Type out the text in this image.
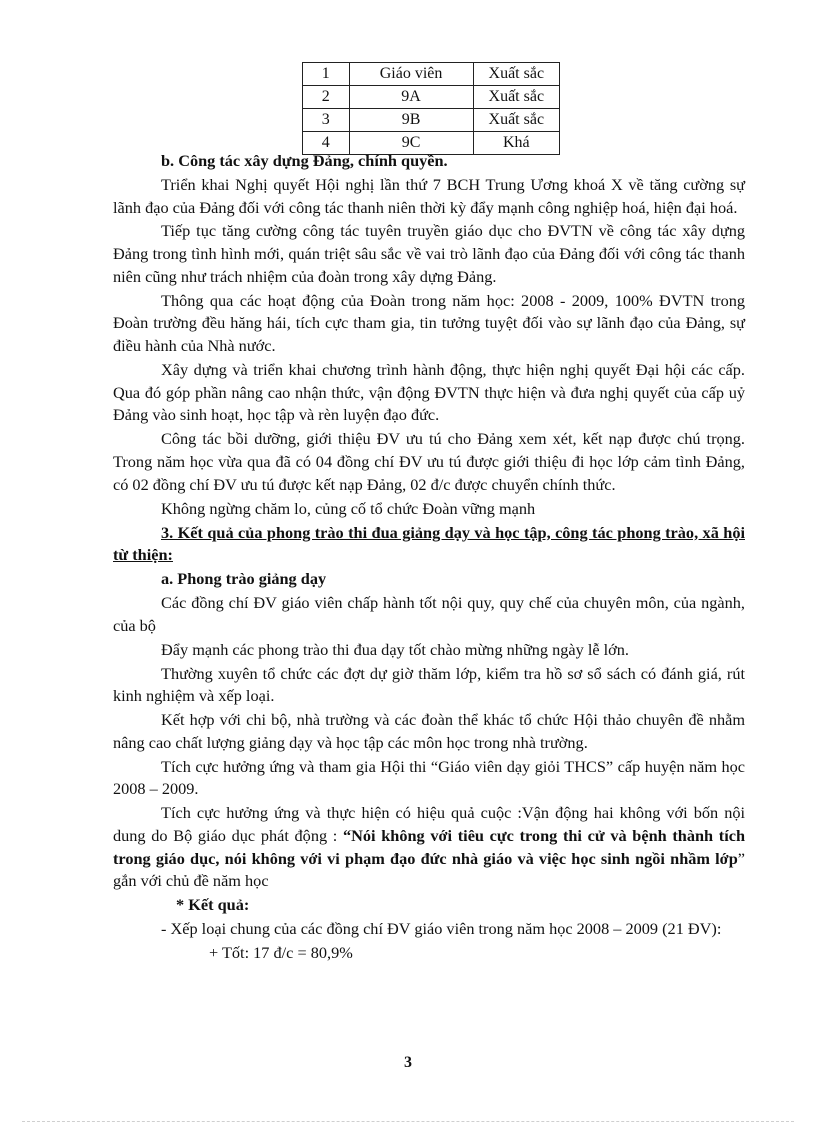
1	Giáo viên	Xuất sắc
2	9A	Xuất sắc
3	9B	Xuất sắc
4	9C	Khá

b. Công tác xây dựng Đảng, chính quyền.

Triển khai Nghị quyết Hội nghị lần thứ 7 BCH Trung Ương khoá X về tăng cường sự lãnh đạo của Đảng đối với công tác thanh niên thời kỳ đẩy mạnh công nghiệp hoá, hiện đại hoá.

Tiếp tục tăng cường công tác tuyên truyền giáo dục cho ĐVTN về công tác xây dựng Đảng trong tình hình mới, quán triệt sâu sắc về vai trò lãnh đạo của Đảng đối với công tác thanh niên cũng như trách nhiệm của đoàn trong xây dựng Đảng.

Thông qua các hoạt động của Đoàn trong năm học: 2008 - 2009, 100% ĐVTN trong Đoàn trường đều hăng hái, tích cực tham gia, tin tưởng tuyệt đối vào sự lãnh đạo của Đảng, sự điều hành của Nhà nước.

Xây dựng và triển khai chương trình hành động, thực hiện nghị quyết Đại hội các cấp. Qua đó góp phần nâng cao nhận thức, vận động ĐVTN thực hiện và đưa nghị quyết của cấp uỷ Đảng vào sinh hoạt, học tập và rèn luyện đạo đức.

Công tác bồi dưỡng, giới thiệu ĐV ưu tú cho Đảng xem xét, kết nạp được chú trọng. Trong năm học vừa qua đã có 04 đồng chí ĐV ưu tú được giới thiệu đi học lớp cảm tình Đảng, có 02 đồng chí ĐV ưu tú được kết nạp Đảng, 02 đ/c được chuyển chính thức.

Không ngừng chăm lo, củng cố tổ chức Đoàn vững mạnh

3. Kết quả của phong trào thi đua giảng dạy và học tập, công tác phong trào, xã hội từ thiện:

a. Phong trào giảng dạy

Các đồng chí ĐV giáo viên chấp hành tốt nội quy, quy chế của chuyên môn, của ngành, của bộ

Đẩy mạnh các phong trào thi đua dạy tốt chào mừng những ngày lễ lớn.

Thường xuyên tổ chức các đợt dự giờ thăm lớp, kiểm tra hồ sơ sổ sách có đánh giá, rút kinh nghiệm và xếp loại.

Kết hợp với chi bộ, nhà trường và các đoàn thể khác tổ chức Hội thảo chuyên đề nhằm nâng cao chất lượng giảng dạy và học tập các môn học trong nhà trường.

Tích cực hưởng ứng và tham gia Hội thi “Giáo viên dạy giỏi THCS” cấp huyện năm học 2008 – 2009.

Tích cực hưởng ứng và thực hiện có hiệu quả cuộc :Vận động hai không với bốn nội dung do Bộ giáo dục phát động : “Nói không với tiêu cực trong thi cử và bệnh thành tích trong giáo dục, nói không với vi phạm đạo đức nhà giáo và việc học sinh ngồi nhầm lớp” gắn với chủ đề năm học

* Kết quả:

- Xếp loại chung của các đồng chí ĐV giáo viên trong năm học 2008 – 2009 (21 ĐV):

+ Tốt: 17 đ/c = 80,9%

3
